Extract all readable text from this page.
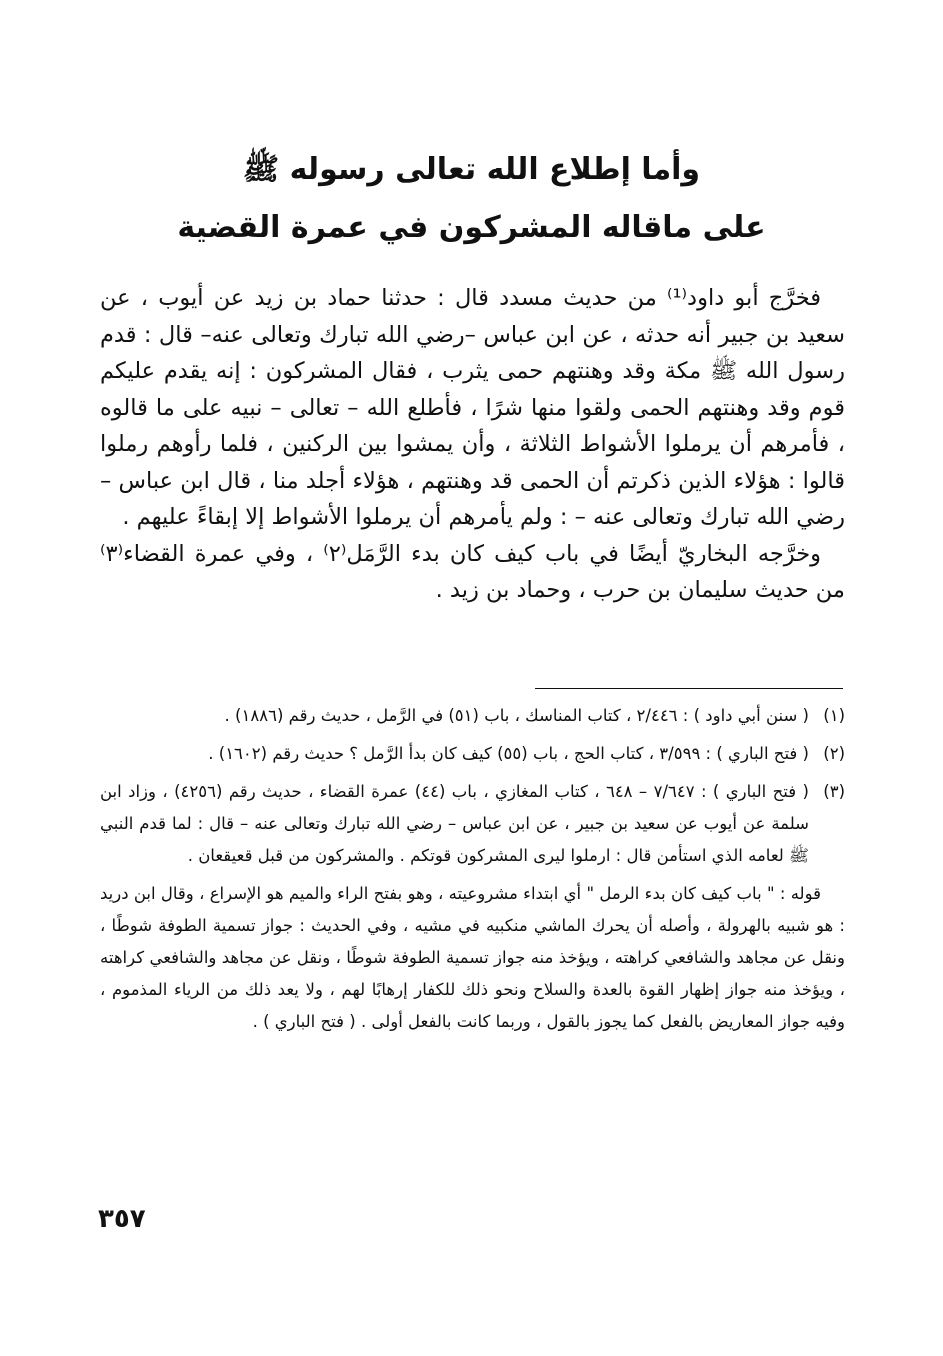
وأما إطلاع الله تعالى رسوله ﷺ
على ماقاله المشركون في عمرة القضية

فخرَّج أبو داود⁽¹⁾ من حديث مسدد قال : حدثنا حماد بن زيد عن أيوب ، عن سعيد بن جبير أنه حدثه ، عن ابن عباس –رضي الله تبارك وتعالى عنه– قال : قدم رسول الله ﷺ مكة وقد وهنتهم حمى يثرب ، فقال المشركون : إنه يقدم عليكم قوم وقد وهنتهم الحمى ولقوا منها شرًا ، فأطلع الله – تعالى – نبيه على ما قالوه ، فأمرهم أن يرملوا الأشواط الثلاثة ، وأن يمشوا بين الركنين ، فلما رأوهم رملوا قالوا : هؤلاء الذين ذكرتم أن الحمى قد وهنتهم ، هؤلاء أجلد منا ، قال ابن عباس – رضي الله تبارك وتعالى عنه – : ولم يأمرهم أن يرملوا الأشواط إلا إبقاءً عليهم .

وخرَّجه البخاريّ أيضًا في باب كيف كان بدء الرَّمَل⁽٢⁾ ، وفي عمرة القضاء⁽٣⁾ من حديث سليمان بن حرب ، وحماد بن زيد .

(١)
( سنن أبي داود ) : ٢/٤٤٦ ، كتاب المناسك ، باب (٥١) في الرَّمل ، حديث رقم (١٨٨٦) .
(٢)
( فتح الباري ) : ٣/٥٩٩ ، كتاب الحج ، باب (٥٥) كيف كان بدأ الرَّمل ؟ حديث رقم (١٦٠٢) .
(٣)
( فتح الباري ) : ٧/٦٤٧ – ٦٤٨ ، كتاب المغازي ، باب (٤٤) عمرة القضاء ، حديث رقم (٤٢٥٦) ، وزاد ابن سلمة عن أيوب عن سعيد بن جبير ، عن ابن عباس – رضي الله تبارك وتعالى عنه – قال : لما قدم النبي ﷺ لعامه الذي استأمن قال : ارملوا ليرى المشركون قوتكم . والمشركون من قبل قعيقعان .

قوله : " باب كيف كان بدء الرمل " أي ابتداء مشروعيته ، وهو بفتح الراء والميم هو الإسراع ، وقال ابن دريد : هو شبيه بالهرولة ، وأصله أن يحرك الماشي منكبيه في مشيه ، وفي الحديث : جواز تسمية الطوفة شوطًا ، ونقل عن مجاهد والشافعي كراهته ، ويؤخذ منه جواز تسمية الطوفة شوطًا ، ونقل عن مجاهد والشافعي كراهته ، ويؤخذ منه جواز إظهار القوة بالعدة والسلاح ونحو ذلك للكفار إرهابًا لهم ، ولا يعد ذلك من الرياء المذموم ، وفيه جواز المعاريض بالفعل كما يجوز بالقول ، وربما كانت بالفعل أولى . ( فتح الباري ) .

٣٥٧
